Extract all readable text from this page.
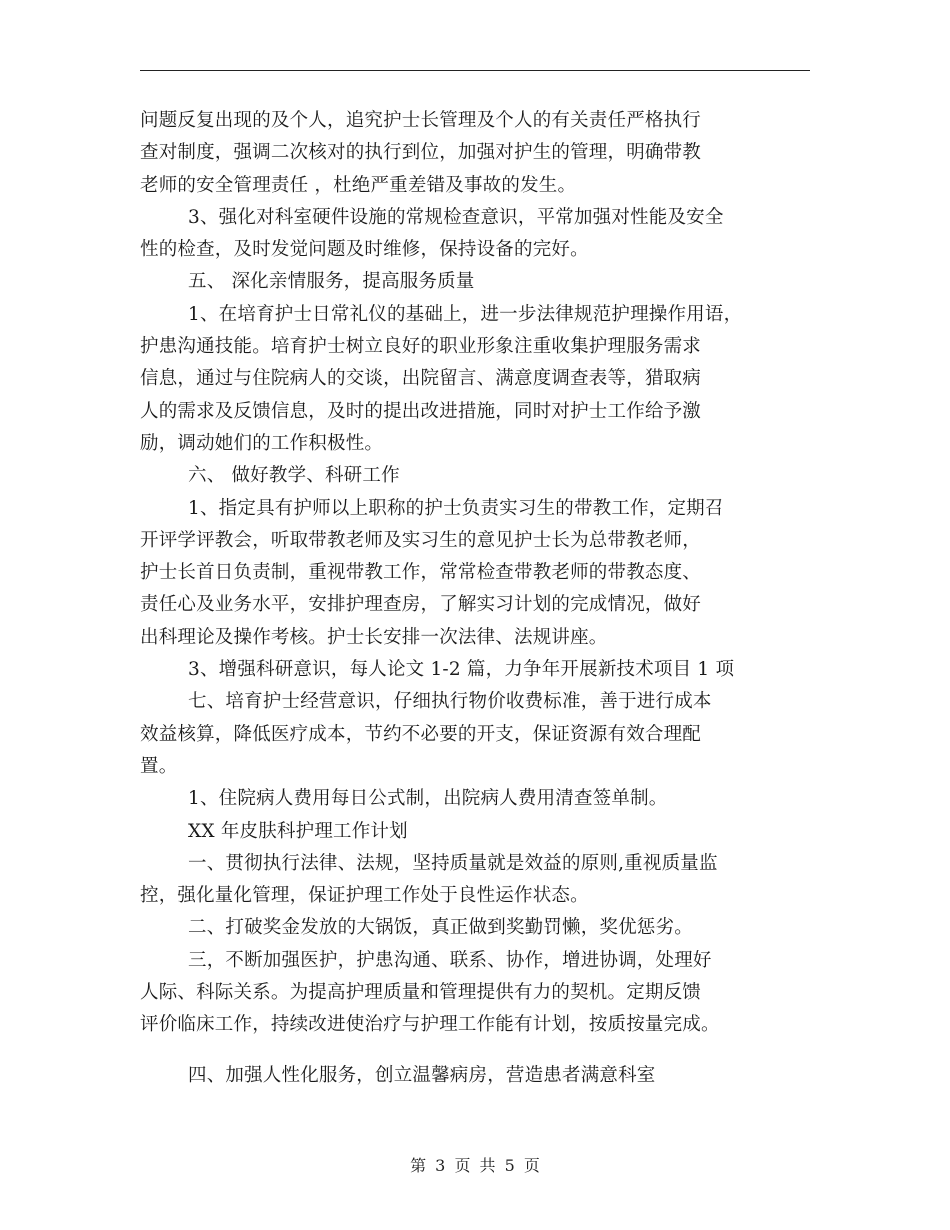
问题反复出现的及个人，追究护士长管理及个人的有关责任严格执行
查对制度，强调二次核对的执行到位，加强对护生的管理，明确带教
老师的安全管理责任 ，杜绝严重差错及事故的发生。
3、强化对科室硬件设施的常规检查意识，平常加强对性能及安全
性的检查，及时发觉问题及时维修，保持设备的完好。
五、 深化亲情服务，提高服务质量
1、在培育护士日常礼仪的基础上，进一步法律规范护理操作用语，
护患沟通技能。培育护士树立良好的职业形象注重收集护理服务需求
信息，通过与住院病人的交谈，出院留言、满意度调查表等，猎取病
人的需求及反馈信息，及时的提出改进措施，同时对护士工作给予激
励，调动她们的工作积极性。
六、 做好教学、科研工作
1、指定具有护师以上职称的护士负责实习生的带教工作，定期召
开评学评教会，听取带教老师及实习生的意见护士长为总带教老师，
护士长首日负责制，重视带教工作，常常检查带教老师的带教态度、
责任心及业务水平，安排护理查房，了解实习计划的完成情况，做好
出科理论及操作考核。护士长安排一次法律、法规讲座。
3、增强科研意识，每人论文 1-2 篇，力争年开展新技术项目 1 项
七、培育护士经营意识，仔细执行物价收费标准，善于进行成本
效益核算，降低医疗成本，节约不必要的开支，保证资源有效合理配
置。
1、住院病人费用每日公式制，出院病人费用清查签单制。
XX 年皮肤科护理工作计划
一、贯彻执行法律、法规，坚持质量就是效益的原则,重视质量监
控，强化量化管理，保证护理工作处于良性运作状态。
二、打破奖金发放的大锅饭，真正做到奖勤罚懒，奖优惩劣。
三，不断加强医护，护患沟通、联系、协作，增进协调，处理好
人际、科际关系。为提高护理质量和管理提供有力的契机。定期反馈
评价临床工作，持续改进使治疗与护理工作能有计划，按质按量完成。
四、加强人性化服务，创立温馨病房，营造患者满意科室
第 3 页 共 5 页
